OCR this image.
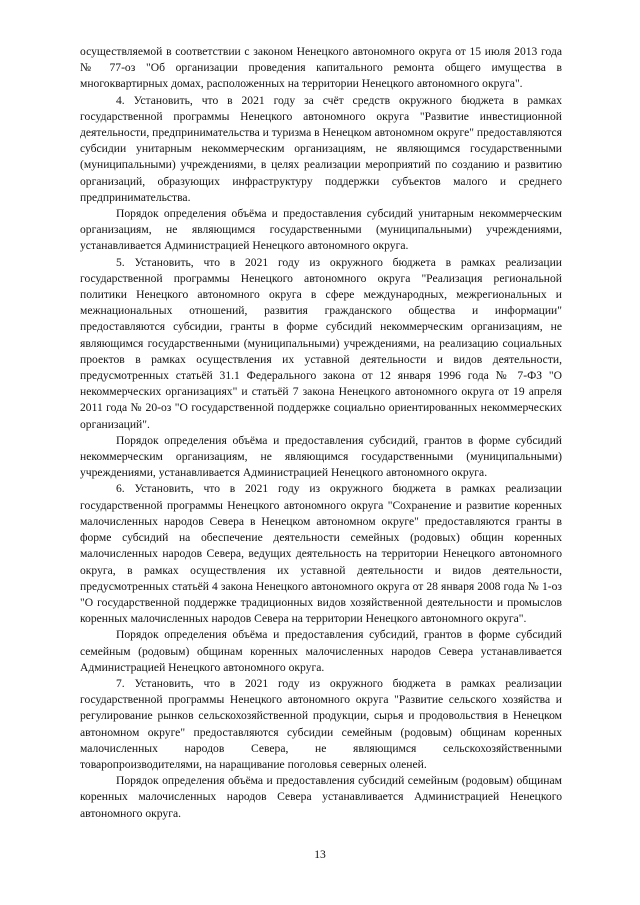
осуществляемой в соответствии с законом Ненецкого автономного округа от 15 июля 2013 года № 77-оз "Об организации проведения капитального ремонта общего имущества в многоквартирных домах, расположенных на территории Ненецкого автономного округа".

4. Установить, что в 2021 году за счёт средств окружного бюджета в рамках государственной программы Ненецкого автономного округа "Развитие инвестиционной деятельности, предпринимательства и туризма в Ненецком автономном округе" предоставляются субсидии унитарным некоммерческим организациям, не являющимся государственными (муниципальными) учреждениями, в целях реализации мероприятий по созданию и развитию организаций, образующих инфраструктуру поддержки субъектов малого и среднего предпринимательства.

Порядок определения объёма и предоставления субсидий унитарным некоммерческим организациям, не являющимся государственными (муниципальными) учреждениями, устанавливается Администрацией Ненецкого автономного округа.

5. Установить, что в 2021 году из окружного бюджета в рамках реализации государственной программы Ненецкого автономного округа "Реализация региональной политики Ненецкого автономного округа в сфере международных, межрегиональных и межнациональных отношений, развития гражданского общества и информации" предоставляются субсидии, гранты в форме субсидий некоммерческим организациям, не являющимся государственными (муниципальными) учреждениями, на реализацию социальных проектов в рамках осуществления их уставной деятельности и видов деятельности, предусмотренных статьёй 31.1 Федерального закона от 12 января 1996 года № 7-ФЗ "О некоммерческих организациях" и статьёй 7 закона Ненецкого автономного округа от 19 апреля 2011 года № 20-оз "О государственной поддержке социально ориентированных некоммерческих организаций".

Порядок определения объёма и предоставления субсидий, грантов в форме субсидий некоммерческим организациям, не являющимся государственными (муниципальными) учреждениями, устанавливается Администрацией Ненецкого автономного округа.

6. Установить, что в 2021 году из окружного бюджета в рамках реализации государственной программы Ненецкого автономного округа "Сохранение и развитие коренных малочисленных народов Севера в Ненецком автономном округе" предоставляются гранты в форме субсидий на обеспечение деятельности семейных (родовых) общин коренных малочисленных народов Севера, ведущих деятельность на территории Ненецкого автономного округа, в рамках осуществления их уставной деятельности и видов деятельности, предусмотренных статьёй 4 закона Ненецкого автономного округа от 28 января 2008 года № 1-оз "О государственной поддержке традиционных видов хозяйственной деятельности и промыслов коренных малочисленных народов Севера на территории Ненецкого автономного округа".

Порядок определения объёма и предоставления субсидий, грантов в форме субсидий семейным (родовым) общинам коренных малочисленных народов Севера устанавливается Администрацией Ненецкого автономного округа.

7. Установить, что в 2021 году из окружного бюджета в рамках реализации государственной программы Ненецкого автономного округа "Развитие сельского хозяйства и регулирование рынков сельскохозяйственной продукции, сырья и продовольствия в Ненецком автономном округе" предоставляются субсидии семейным (родовым) общинам коренных малочисленных народов Севера, не являющимся сельскохозяйственными товаропроизводителями, на наращивание поголовья северных оленей.

Порядок определения объёма и предоставления субсидий семейным (родовым) общинам коренных малочисленных народов Севера устанавливается Администрацией Ненецкого автономного округа.

13
